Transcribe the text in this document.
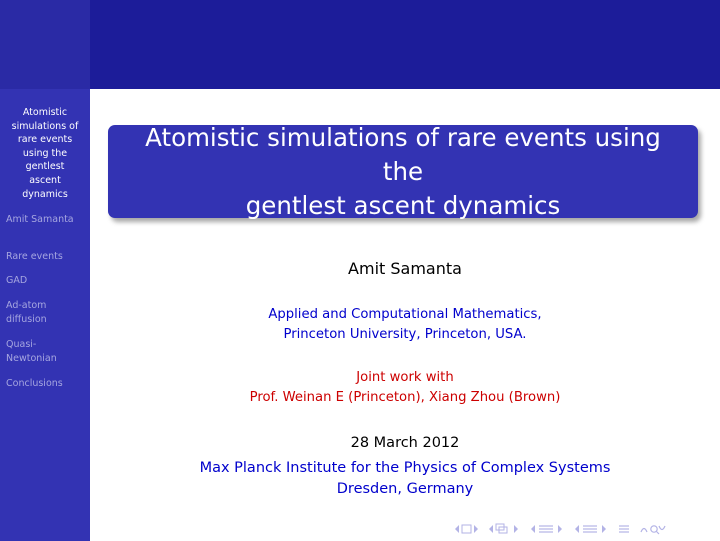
Atomistic
simulations of
rare events
using the
gentlest
ascent
dynamics
Amit Samanta
Rare events
GAD
Ad-atom
diffusion
Quasi-
Newtonian
Conclusions
Atomistic simulations of rare events using the
gentlest ascent dynamics
Amit Samanta
Applied and Computational Mathematics,
Princeton University, Princeton, USA.
Joint work with
Prof. Weinan E (Princeton), Xiang Zhou (Brown)
28 March 2012
Max Planck Institute for the Physics of Complex Systems
Dresden, Germany
